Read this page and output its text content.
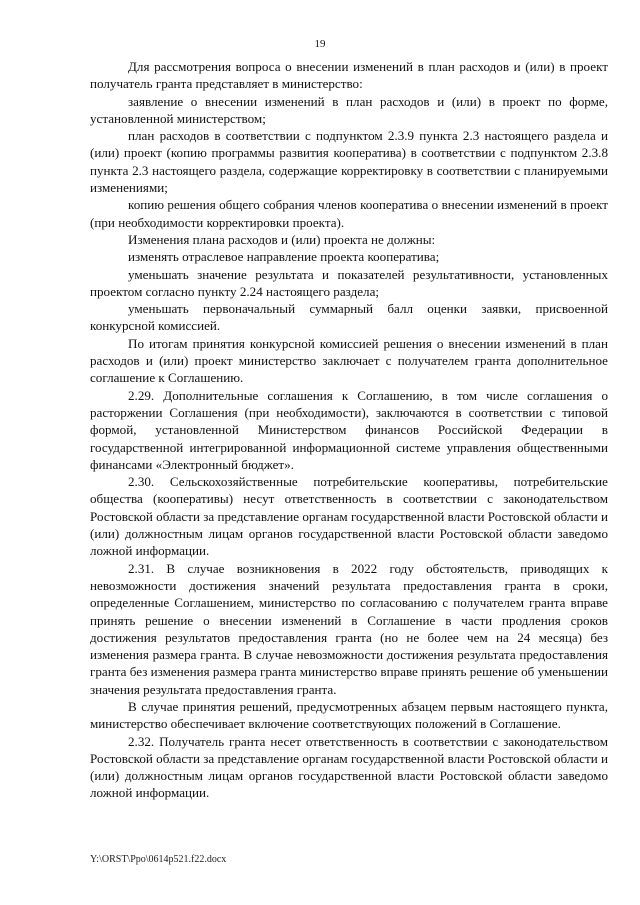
19

Для рассмотрения вопроса о внесении изменений в план расходов и (или) в проект получатель гранта представляет в министерство:

заявление о внесении изменений в план расходов и (или) в проект по форме, установленной министерством;

план расходов в соответствии с подпунктом 2.3.9 пункта 2.3 настоящего раздела и (или) проект (копию программы развития кооператива) в соответствии с подпунктом 2.3.8 пункта 2.3 настоящего раздела, содержащие корректировку в соответствии с планируемыми изменениями;

копию решения общего собрания членов кооператива о внесении изменений в проект (при необходимости корректировки проекта).

Изменения плана расходов и (или) проекта не должны:

изменять отраслевое направление проекта кооператива;

уменьшать значение результата и показателей результативности, установленных проектом согласно пункту 2.24 настоящего раздела;

уменьшать первоначальный суммарный балл оценки заявки, присвоенной конкурсной комиссией.

По итогам принятия конкурсной комиссией решения о внесении изменений в план расходов и (или) проект министерство заключает с получателем гранта дополнительное соглашение к Соглашению.

2.29. Дополнительные соглашения к Соглашению, в том числе соглашения о расторжении Соглашения (при необходимости), заключаются в соответствии с типовой формой, установленной Министерством финансов Российской Федерации в государственной интегрированной информационной системе управления общественными финансами «Электронный бюджет».

2.30. Сельскохозяйственные потребительские кооперативы, потребительские общества (кооперативы) несут ответственность в соответствии с законодательством Ростовской области за представление органам государственной власти Ростовской области и (или) должностным лицам органов государственной власти Ростовской области заведомо ложной информации.

2.31. В случае возникновения в 2022 году обстоятельств, приводящих к невозможности достижения значений результата предоставления гранта в сроки, определенные Соглашением, министерство по согласованию с получателем гранта вправе принять решение о внесении изменений в Соглашение в части продления сроков достижения результатов предоставления гранта (но не более чем на 24 месяца) без изменения размера гранта. В случае невозможности достижения результата предоставления гранта без изменения размера гранта министерство вправе принять решение об уменьшении значения результата предоставления гранта.

В случае принятия решений, предусмотренных абзацем первым настоящего пункта, министерство обеспечивает включение соответствующих положений в Соглашение.

2.32. Получатель гранта несет ответственность в соответствии с законодательством Ростовской области за представление органам государственной власти Ростовской области и (или) должностным лицам органов государственной власти Ростовской области заведомо ложной информации.

Y:\ORST\Ppo\0614p521.f22.docx
